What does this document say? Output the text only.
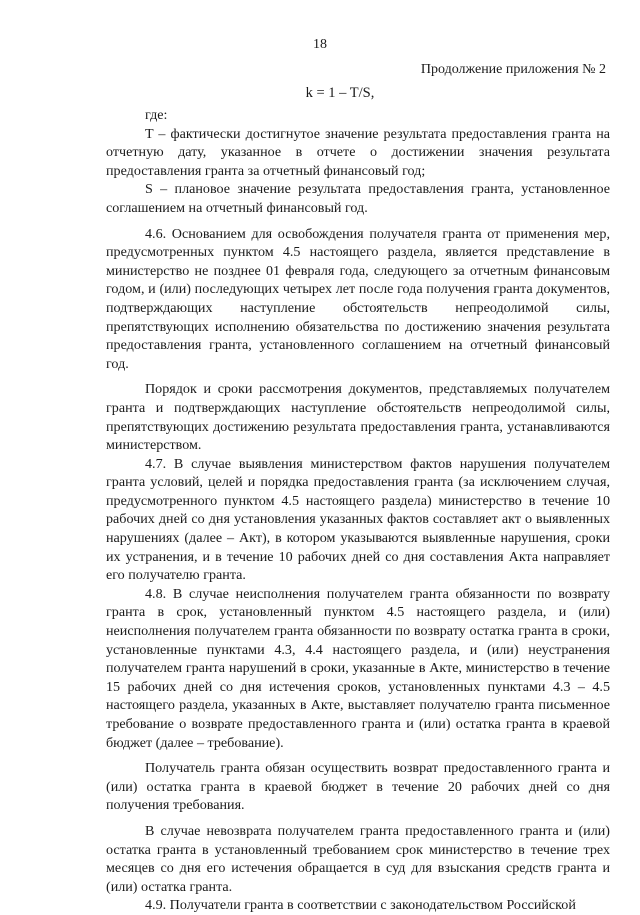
18
Продолжение приложения № 2
k = 1 – T/S,

где:

T – фактически достигнутое значение результата предоставления гранта на отчетную дату, указанное в отчете о достижении значения результата предоставления гранта за отчетный финансовый год;

S – плановое значение результата предоставления гранта, установленное соглашением на отчетный финансовый год.

4.6. Основанием для освобождения получателя гранта от применения мер, предусмотренных пунктом 4.5 настоящего раздела, является представление в министерство не позднее 01 февраля года, следующего за отчетным финансовым годом, и (или) последующих четырех лет после года получения гранта документов, подтверждающих наступление обстоятельств непреодолимой силы, препятствующих исполнению обязательства по достижению значения результата предоставления гранта, установленного соглашением на отчетный финансовый год.

Порядок и сроки рассмотрения документов, представляемых получателем гранта и подтверждающих наступление обстоятельств непреодолимой силы, препятствующих достижению результата предоставления гранта, устанавливаются министерством.

4.7. В случае выявления министерством фактов нарушения получателем гранта условий, целей и порядка предоставления гранта (за исключением случая, предусмотренного пунктом 4.5 настоящего раздела) министерство в течение 10 рабочих дней со дня установления указанных фактов составляет акт о выявленных нарушениях (далее – Акт), в котором указываются выявленные нарушения, сроки их устранения, и в течение 10 рабочих дней со дня составления Акта направляет его получателю гранта.

4.8. В случае неисполнения получателем гранта обязанности по возврату гранта в срок, установленный пунктом 4.5 настоящего раздела, и (или) неисполнения получателем гранта обязанности по возврату остатка гранта в сроки, установленные пунктами 4.3, 4.4 настоящего раздела, и (или) неустранения получателем гранта нарушений в сроки, указанные в Акте, министерство в течение 15 рабочих дней со дня истечения сроков, установленных пунктами 4.3 – 4.5 настоящего раздела, указанных в Акте, выставляет получателю гранта письменное требование о возврате предоставленного гранта и (или) остатка гранта в краевой бюджет (далее – требование).

Получатель гранта обязан осуществить возврат предоставленного гранта и (или) остатка гранта в краевой бюджет в течение 20 рабочих дней со дня получения требования.

В случае невозврата получателем гранта предоставленного гранта и (или) остатка гранта в установленный требованием срок министерство в течение трех месяцев со дня его истечения обращается в суд для взыскания средств гранта и (или) остатка гранта.

4.9. Получатели гранта в соответствии с законодательством Российской
